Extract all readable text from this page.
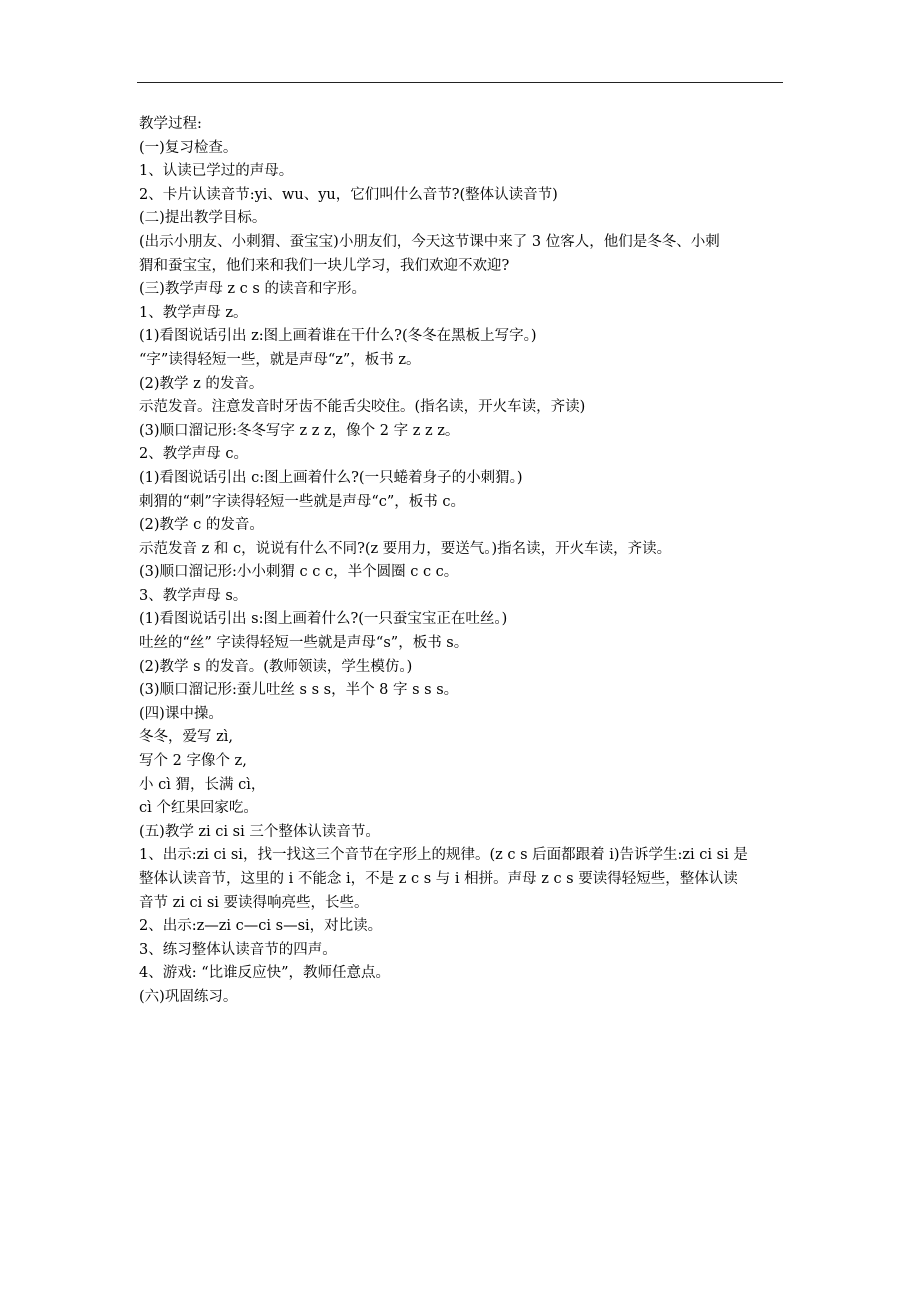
教学过程:
(一)复习检查。
1、认读已学过的声母。
2、卡片认读音节:yi、wu、yu，它们叫什么音节?(整体认读音节)
(二)提出教学目标。
(出示小朋友、小刺猬、蚕宝宝)小朋友们，今天这节课中来了 3 位客人，他们是冬冬、小刺
猬和蚕宝宝，他们来和我们一块儿学习，我们欢迎不欢迎?
(三)教学声母 z c s 的读音和字形。
1、教学声母 z。
(1)看图说话引出 z:图上画着谁在干什么?(冬冬在黑板上写字。)
“字”读得轻短一些，就是声母“z”，板书 z。
(2)教学 z 的发音。
示范发音。注意发音时牙齿不能舌尖咬住。(指名读，开火车读，齐读)
(3)顺口溜记形:冬冬写字 z z z，像个 2 字 z z z。
2、教学声母 c。
(1)看图说话引出 c:图上画着什么?(一只蜷着身子的小刺猬。)
刺猬的“刺”字读得轻短一些就是声母“c”，板书 c。
(2)教学 c 的发音。
示范发音 z 和 c，说说有什么不同?(z 要用力，要送气。)指名读，开火车读，齐读。
(3)顺口溜记形:小小刺猬 c c c，半个圆圈 c c c。
3、教学声母 s。
(1)看图说话引出 s:图上画着什么?(一只蚕宝宝正在吐丝。)
吐丝的“丝” 字读得轻短一些就是声母“s”，板书 s。
(2)教学 s 的发音。(教师领读，学生模仿。)
(3)顺口溜记形:蚕儿吐丝 s s s，半个 8 字 s s s。
(四)课中操。
冬冬，爱写 zì,
写个 2 字像个 z,
小 cì 猬，长满 cì，
cì 个红果回家吃。
(五)教学 zi ci si 三个整体认读音节。
1、出示:zi ci si，找一找这三个音节在字形上的规律。(z c s 后面都跟着 i)告诉学生:zi ci si 是
整体认读音节，这里的 i 不能念 i，不是 z c s 与 i 相拼。声母 z c s 要读得轻短些，整体认读
音节 zi ci si 要读得响亮些，长些。
2、出示:z—zi c—ci s—si，对比读。
3、练习整体认读音节的四声。
4、游戏: “比谁反应快”，教师任意点。
(六)巩固练习。
